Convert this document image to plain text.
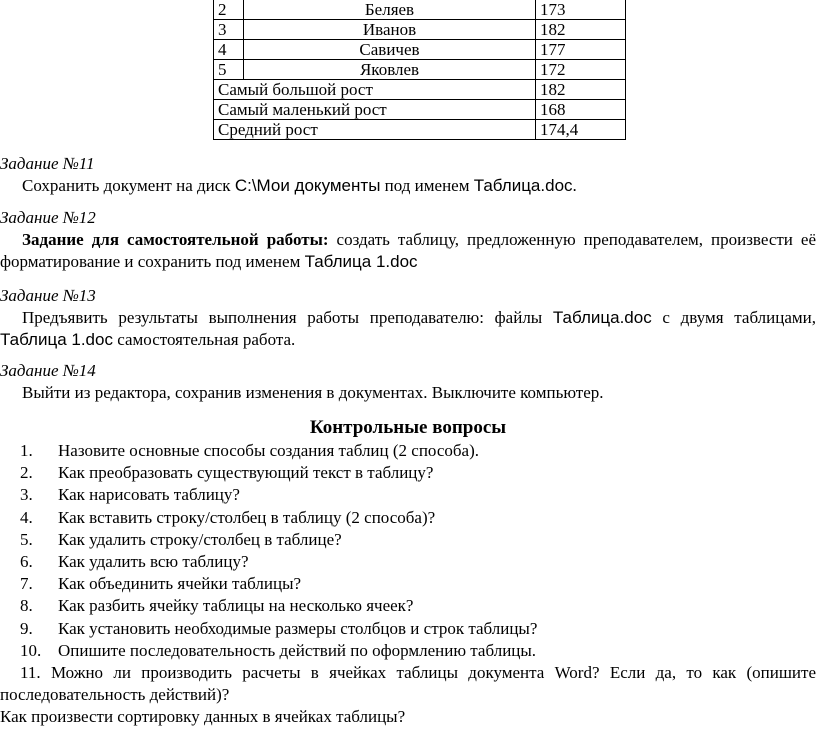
2	Беляев	173
3	Иванов	182
4	Савичев	177
5	Яковлев	172
Самый большой рост		182
Самый маленький рост		168
Средний рост		174,4
Задание №11
Сохранить документ на диск C:\Мои документы под именем Таблица.doc.
Задание №12
Задание для самостоятельной работы: создать таблицу, предложенную преподавателем, произвести её форматирование и сохранить под именем Таблица 1.doc
Задание №13
Предъявить результаты выполнения работы преподавателю: файлы Таблица.doc с двумя таблицами, Таблица 1.doc самостоятельная работа.
Задание №14
Выйти из редактора, сохранив изменения в документах. Выключите компьютер.
Контрольные вопросы
1. Назовите основные способы создания таблиц (2 способа).
2. Как преобразовать существующий текст в таблицу?
3. Как нарисовать таблицу?
4. Как вставить строку/столбец в таблицу (2 способа)?
5. Как удалить строку/столбец в таблице?
6. Как удалить всю таблицу?
7. Как объединить ячейки таблицы?
8. Как разбить ячейку таблицы на несколько ячеек?
9. Как установить необходимые размеры столбцов и строк таблицы?
10. Опишите последовательность действий по оформлению таблицы.
11. Можно ли производить расчеты в ячейках таблицы документа Word? Если да, то как (опишите последовательность действий)?
Как произвести сортировку данных в ячейках таблицы?
